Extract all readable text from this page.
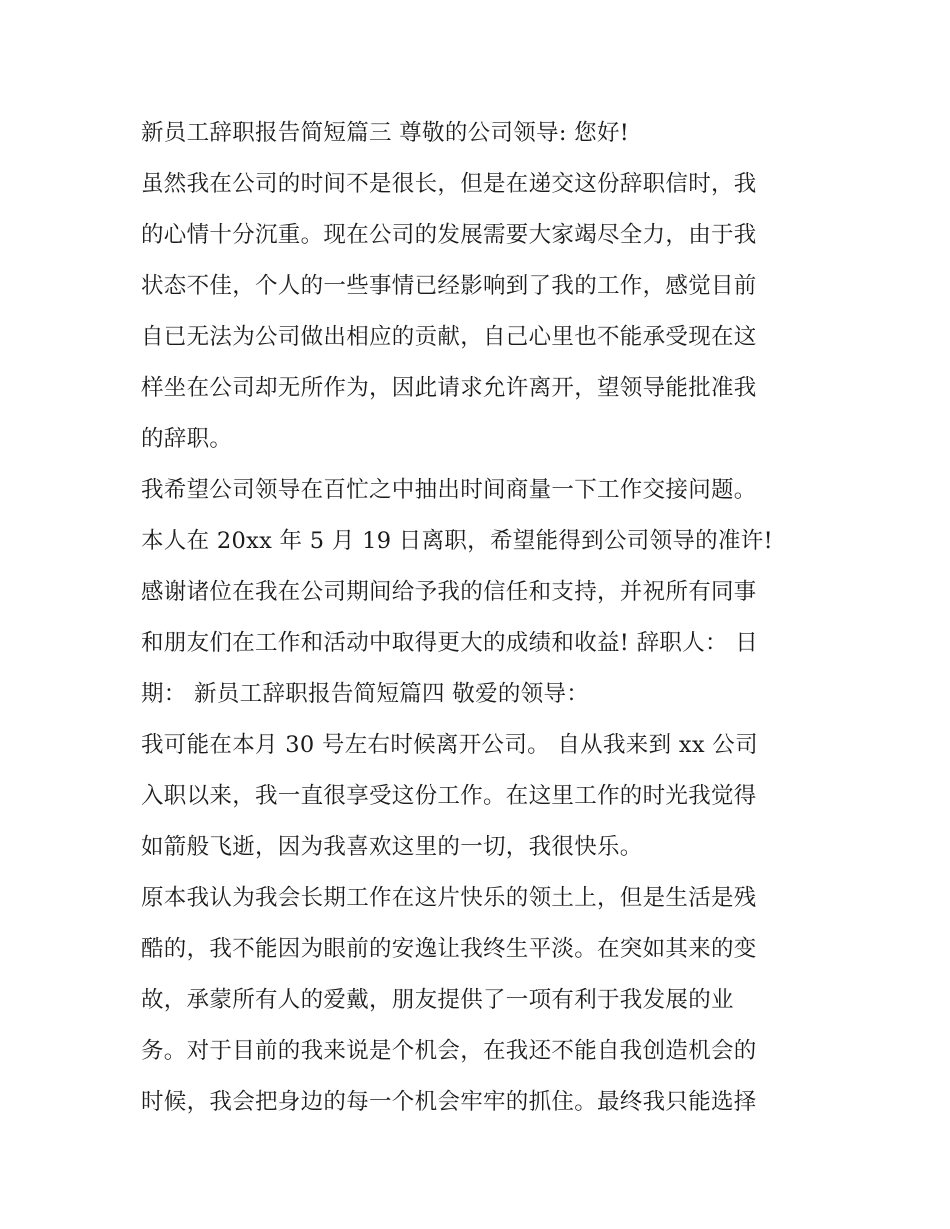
新员工辞职报告简短篇三 尊敬的公司领导: 您好!
虽然我在公司的时间不是很长，但是在递交这份辞职信时，我
的心情十分沉重。现在公司的发展需要大家竭尽全力，由于我
状态不佳，个人的一些事情已经影响到了我的工作，感觉目前
自已无法为公司做出相应的贡献，自己心里也不能承受现在这
样坐在公司却无所作为，因此请求允许离开，望领导能批准我
的辞职。
我希望公司领导在百忙之中抽出时间商量一下工作交接问题。
本人在 20xx 年 5 月 19 日离职，希望能得到公司领导的准许!
感谢诸位在我在公司期间给予我的信任和支持，并祝所有同事
和朋友们在工作和活动中取得更大的成绩和收益! 辞职人： 日
期： 新员工辞职报告简短篇四 敬爱的领导：
我可能在本月 30 号左右时候离开公司。 自从我来到 xx 公司
入职以来，我一直很享受这份工作。在这里工作的时光我觉得
如箭般飞逝，因为我喜欢这里的一切，我很快乐。
原本我认为我会长期工作在这片快乐的领土上，但是生活是残
酷的，我不能因为眼前的安逸让我终生平淡。在突如其来的变
故，承蒙所有人的爱戴，朋友提供了一项有利于我发展的业
务。对于目前的我来说是个机会，在我还不能自我创造机会的
时候，我会把身边的每一个机会牢牢的抓住。最终我只能选择
